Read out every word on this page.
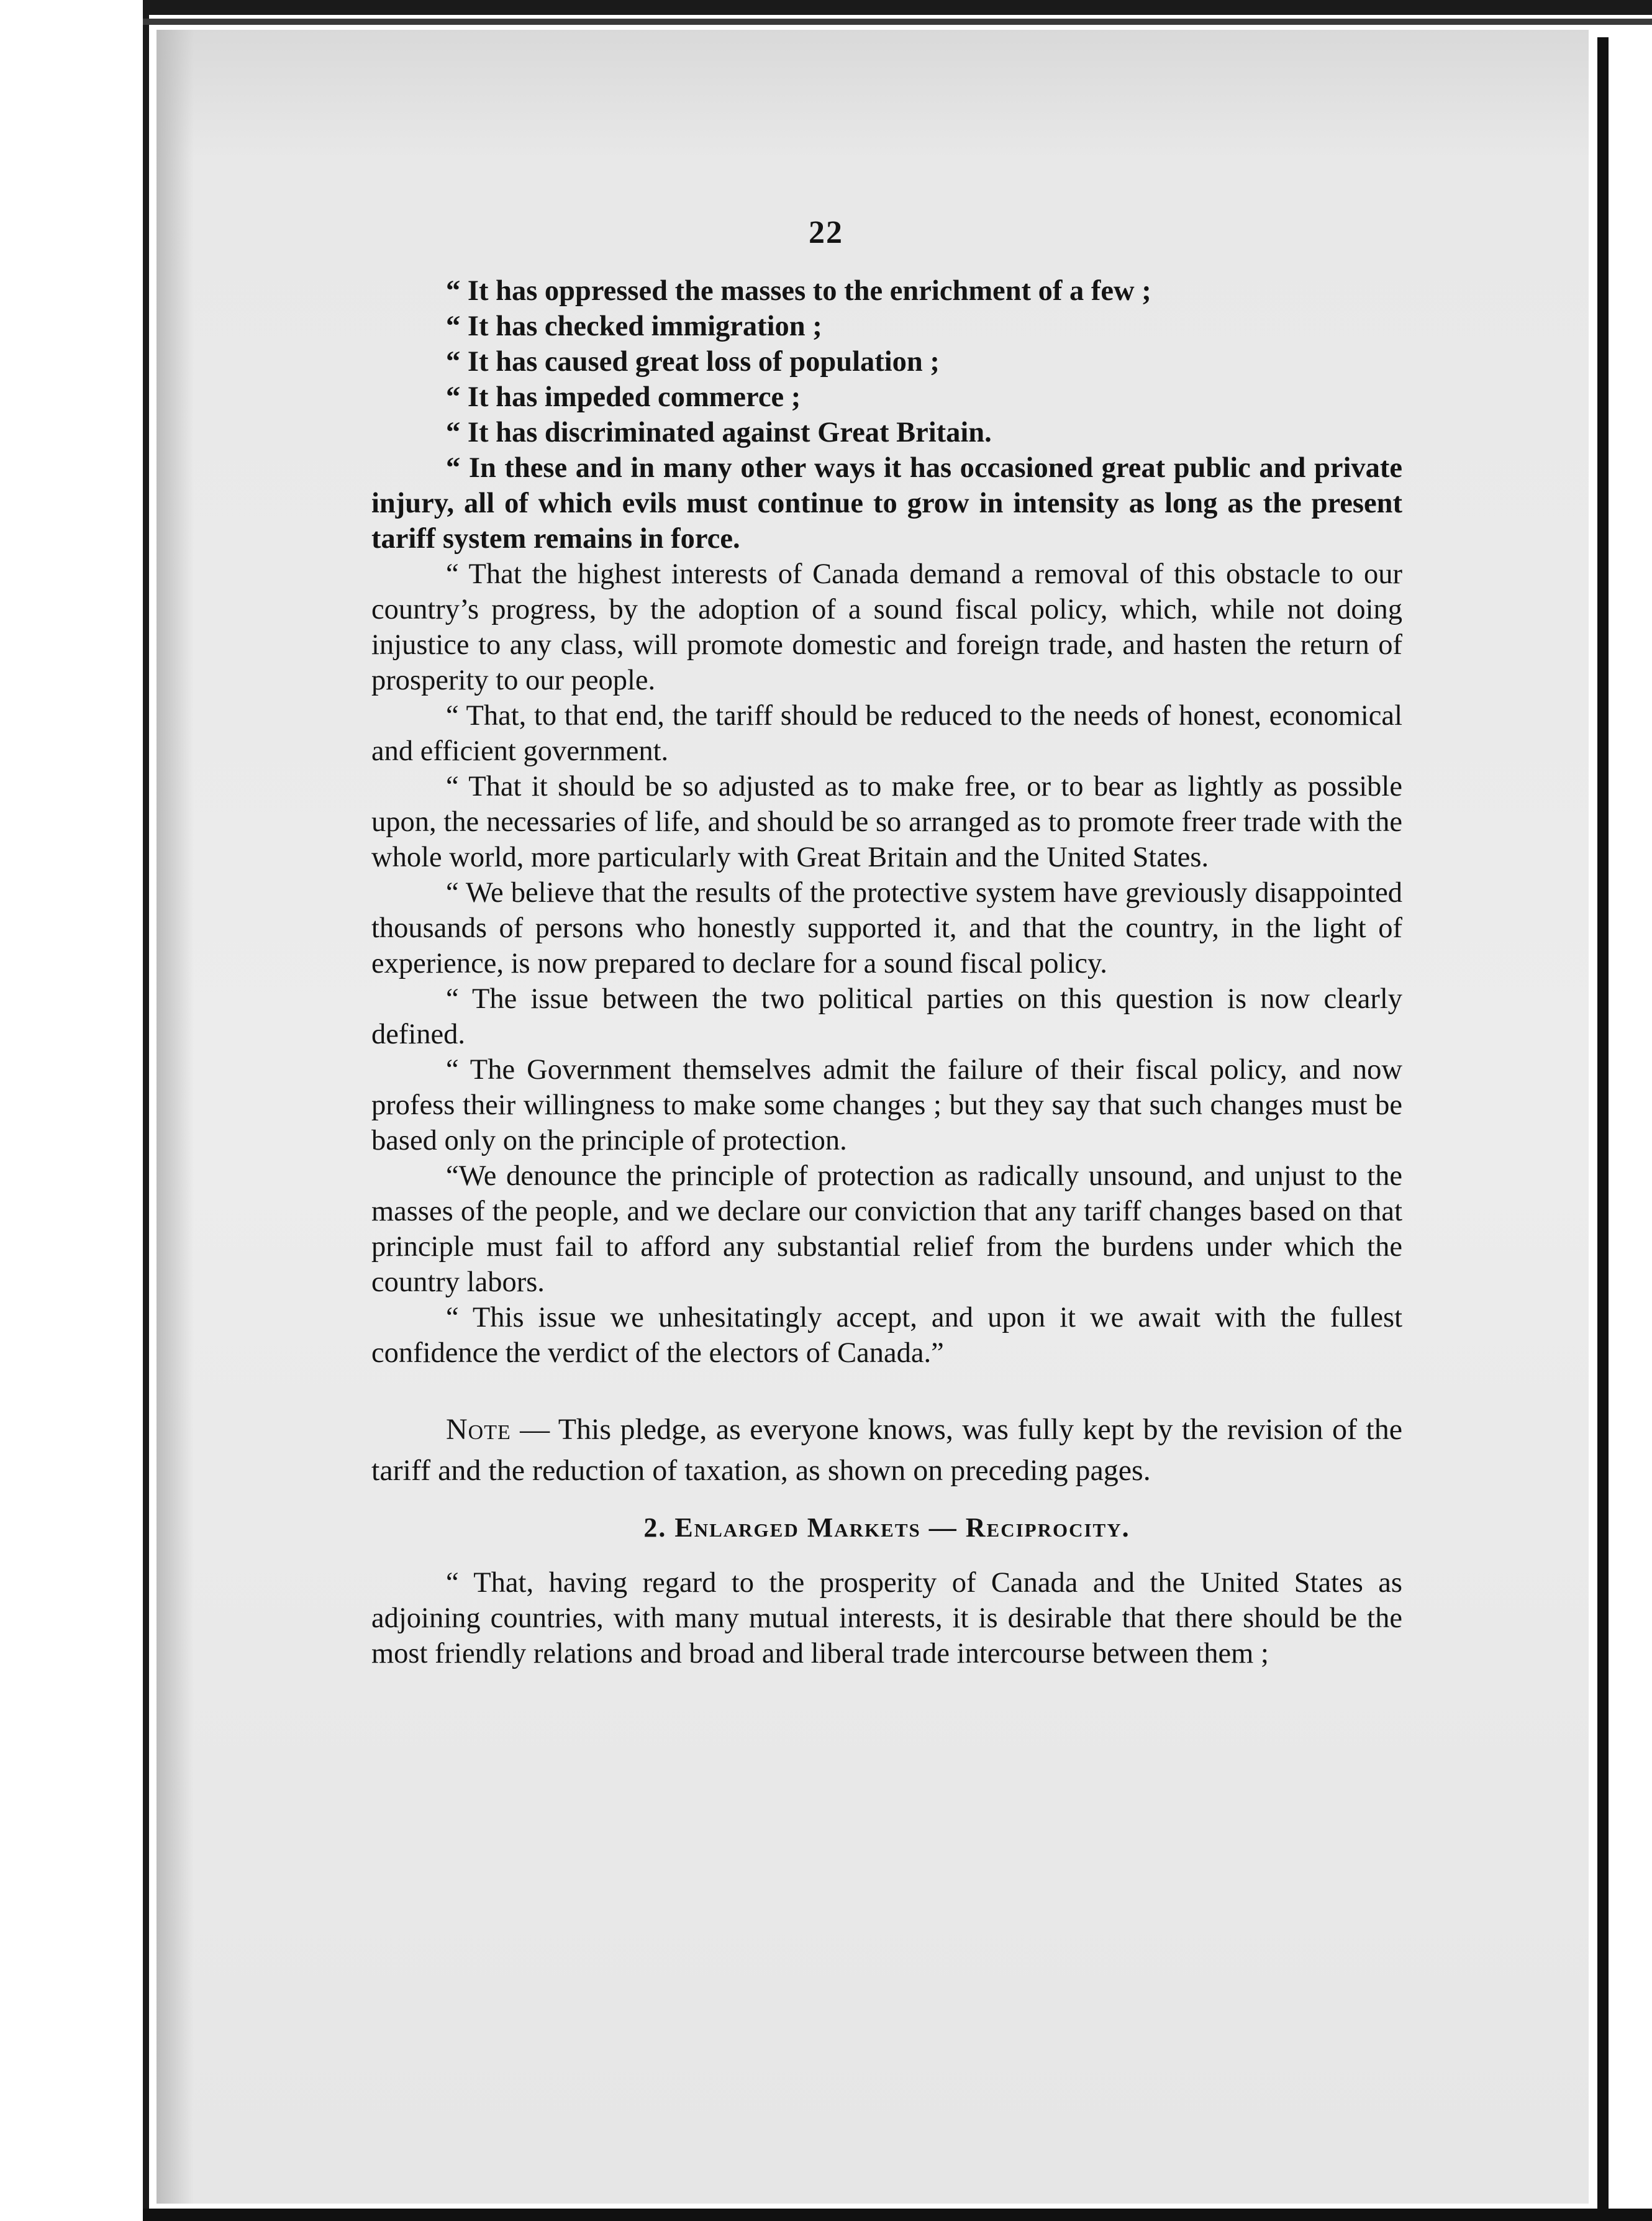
22

“ It has oppressed the masses to the enrichment of a few ;

“ It has checked immigration ;

“ It has caused great loss of population ;

“ It has impeded commerce ;

“ It has discriminated against Great Britain.

“ In these and in many other ways it has occasioned great public and private injury, all of which evils must continue to grow in intensity as long as the present tariff system remains in force.

“ That the highest interests of Canada demand a removal of this obstacle to our country’s progress, by the adoption of a sound fiscal policy, which, while not doing injustice to any class, will promote domestic and foreign trade, and hasten the return of prosperity to our people.

“ That, to that end, the tariff should be reduced to the needs of honest, economical and efficient government.

“ That it should be so adjusted as to make free, or to bear as lightly as possible upon, the necessaries of life, and should be so arranged as to promote freer trade with the whole world, more particularly with Great Britain and the United States.

“ We believe that the results of the protective system have greviously disappointed thousands of persons who honestly supported it, and that the country, in the light of experience, is now prepared to declare for a sound fiscal policy.

“ The issue between the two political parties on this question is now clearly defined.

“ The Government themselves admit the failure of their fiscal policy, and now profess their willingness to make some changes ; but they say that such changes must be based only on the principle of protection.

“We denounce the principle of protection as radically unsound, and unjust to the masses of the people, and we declare our conviction that any tariff changes based on that principle must fail to afford any substantial relief from the burdens under which the country labors.

“ This issue we unhesitatingly accept, and upon it we await with the fullest confidence the verdict of the electors of Canada.”

Note — This pledge, as everyone knows, was fully kept by the revision of the tariff and the reduction of taxation, as shown on preceding pages.

2. Enlarged Markets — Reciprocity.

“ That, having regard to the prosperity of Canada and the United States as adjoining countries, with many mutual interests, it is desirable that there should be the most friendly relations and broad and liberal trade intercourse between them ;
